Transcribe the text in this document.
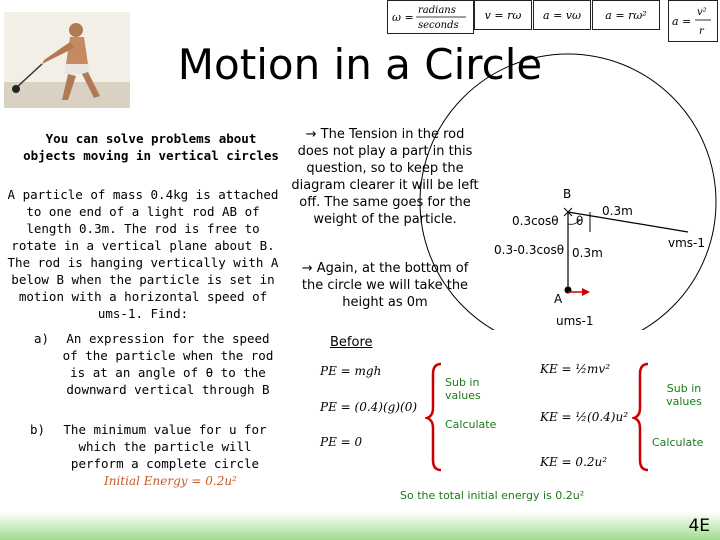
ω =
radians
seconds
v = rω	a = vω	a = rω²	a =
v²
r
Motion in a Circle
You can solve problems about objects moving in vertical circles
A particle of mass 0.4kg is attached to one end of a light rod AB of length 0.3m. The rod is free to rotate in a vertical plane about B. The rod is hanging vertically with A below B when the particle is set in motion with a horizontal speed of ums-1. Find:
a)	An expression for the speed of the particle when the rod is at an angle of θ to the downward vertical through B
b)	The minimum value for u for which the particle will perform a complete circle
Initial Energy = 0.2u²
→ The Tension in the rod does not play a part in this question, so to keep the diagram clearer it will be left off. The same goes for the weight of the particle.
→ Again, at the bottom of the circle we will take the height as 0m
Before
B
θ
0.3m
0.3cosθ
0.3-0.3cosθ 0.3m
vms-1
A
ums-1
PE = mgh
PE = (0.4)(g)(0)
PE = 0
Sub in values
Calculate
KE = ½mv²
KE = ½(0.4)u²
KE = 0.2u²
Sub in values
Calculate
So the total initial energy is 0.2u²
4E
